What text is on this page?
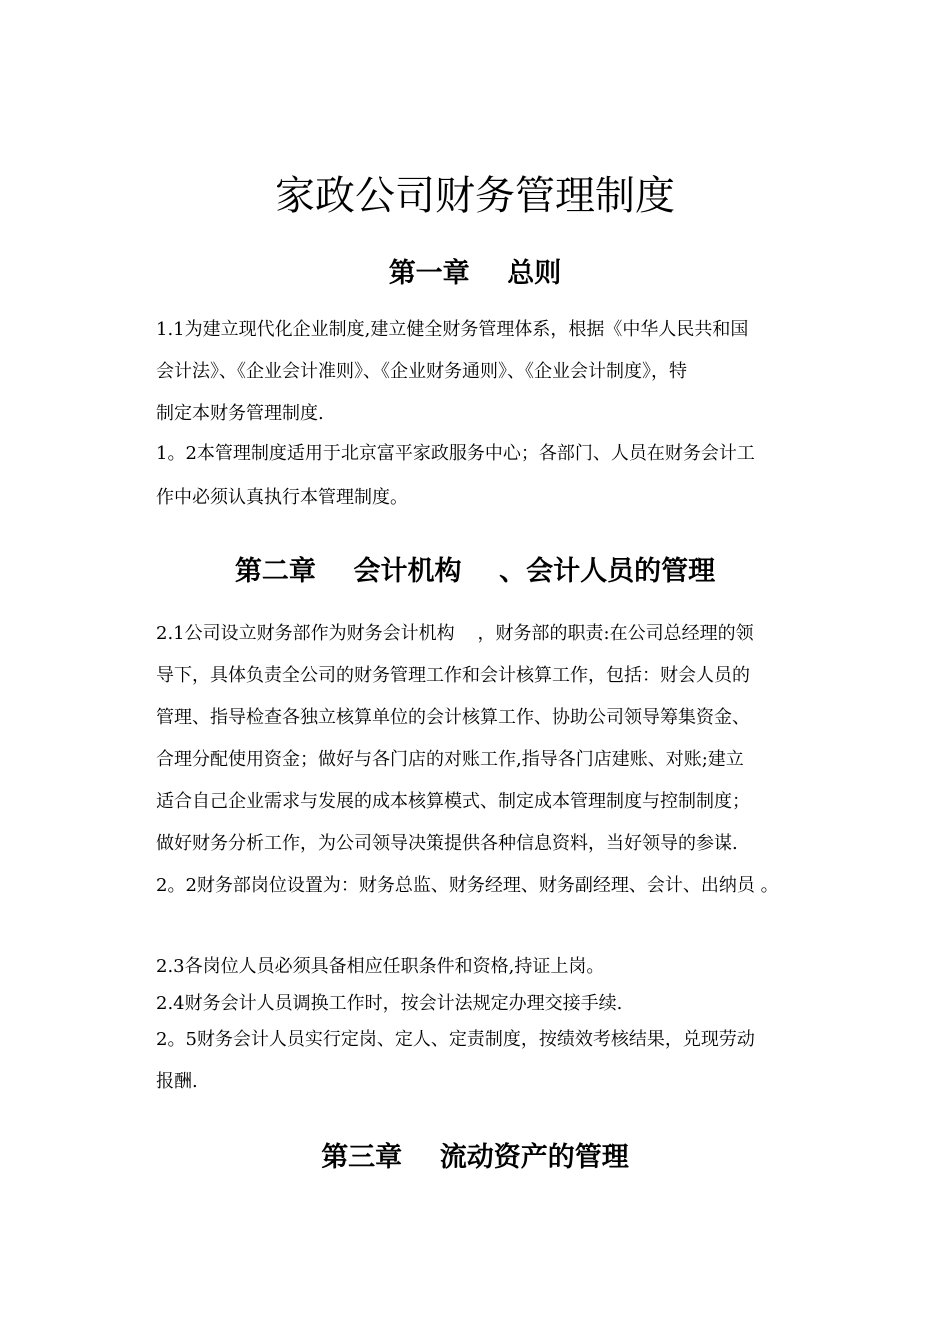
家政公司财务管理制度
第一章    总则
1.1为建立现代化企业制度,建立健全财务管理体系，根据《中华人民共和国
会计法》、《企业会计准则》、《企业财务通则》、《企业会计制度》，特
制定本财务管理制度.
1。2本管理制度适用于北京富平家政服务中心；各部门、人员在财务会计工
作中必须认真执行本管理制度。
第二章    会计机构    、会计人员的管理
2.1公司设立财务部作为财务会计机构    ，财务部的职责:在公司总经理的领
导下，具体负责全公司的财务管理工作和会计核算工作，包括：财会人员的
管理、指导检查各独立核算单位的会计核算工作、协助公司领导筹集资金、
合理分配使用资金；做好与各门店的对账工作,指导各门店建账、对账;建立
适合自己企业需求与发展的成本核算模式、制定成本管理制度与控制制度；
做好财务分析工作，为公司领导决策提供各种信息资料，当好领导的参谋.
2。2财务部岗位设置为：财务总监、财务经理、财务副经理、会计、出纳员 。
2.3各岗位人员必须具备相应任职条件和资格,持证上岗。
2.4财务会计人员调换工作时，按会计法规定办理交接手续.
2。5财务会计人员实行定岗、定人、定责制度，按绩效考核结果，兑现劳动
报酬.
第三章    流动资产的管理
